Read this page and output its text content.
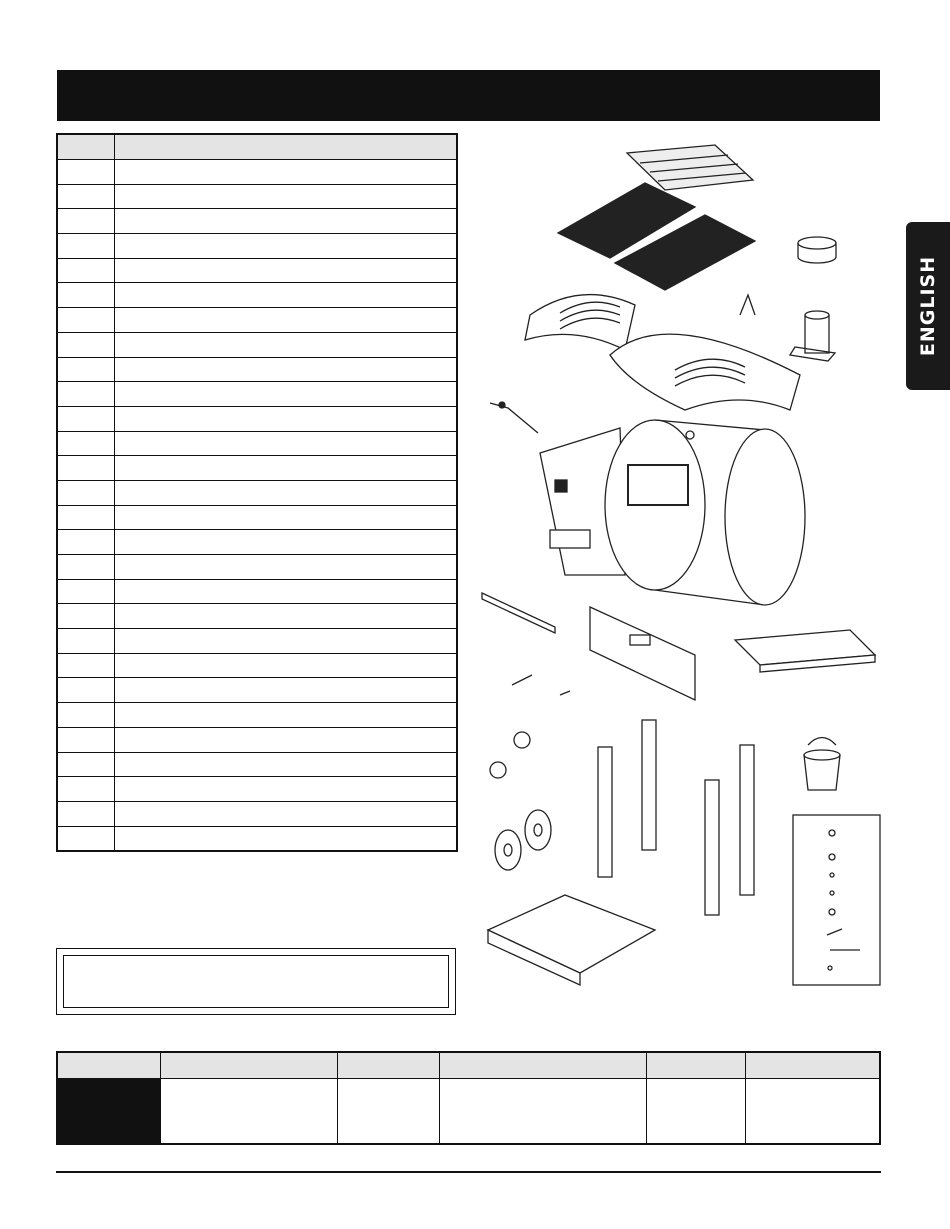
ENGLISH
